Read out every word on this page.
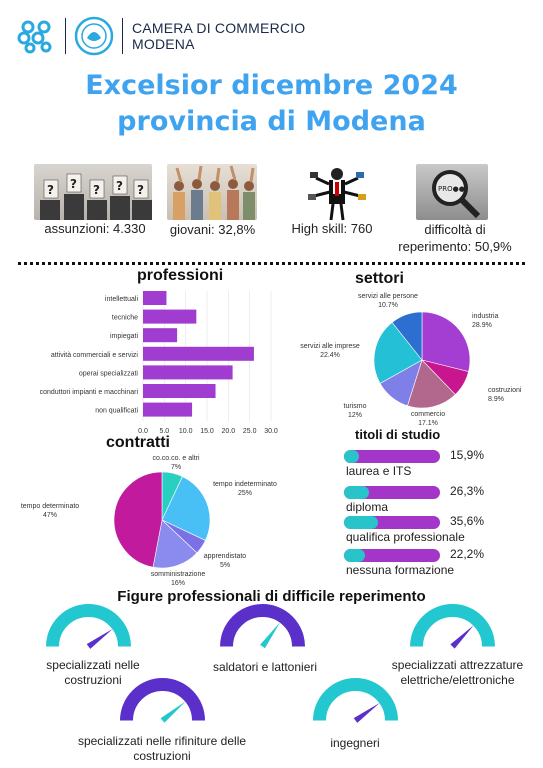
CAMERA DI COMMERCIO
MODENA
Excelsior dicembre 2024
provincia di Modena
? ? ? ? ?	PRO●●
assunzioni: 4.330	giovani: 32,8%	High skill: 760	difficoltà di reperimento: 50,9%
professioni
0.0 5.0 10.0 15.0 20.0 25.0 30.0
intellettuali
tecniche
impiegati
attività commerciali e servizi
operai specializzati
conduttori impianti e macchinari
non qualificati
settori
industria
28.9%
costruzioni
8.9%
commercio
17.1%
turismo
12%
servizi alle imprese
22.4%
servizi alle persone
10.7%
contratti
co.co.co. e altri
7%
tempo indeterminato
25%
apprendistato
5%
somministrazione
16%
tempo determinato
47%
titoli di studio
15,9%
laurea e ITS
26,3%
diploma
35,6%
qualifica professionale
22,2%
nessuna formazione
Figure professionali di difficile reperimento
specializzati nelle costruzioni
saldatori e lattonieri	specializzati attrezzature elettriche/elettroniche
specializzati nelle rifiniture delle costruzioni
ingegneri
